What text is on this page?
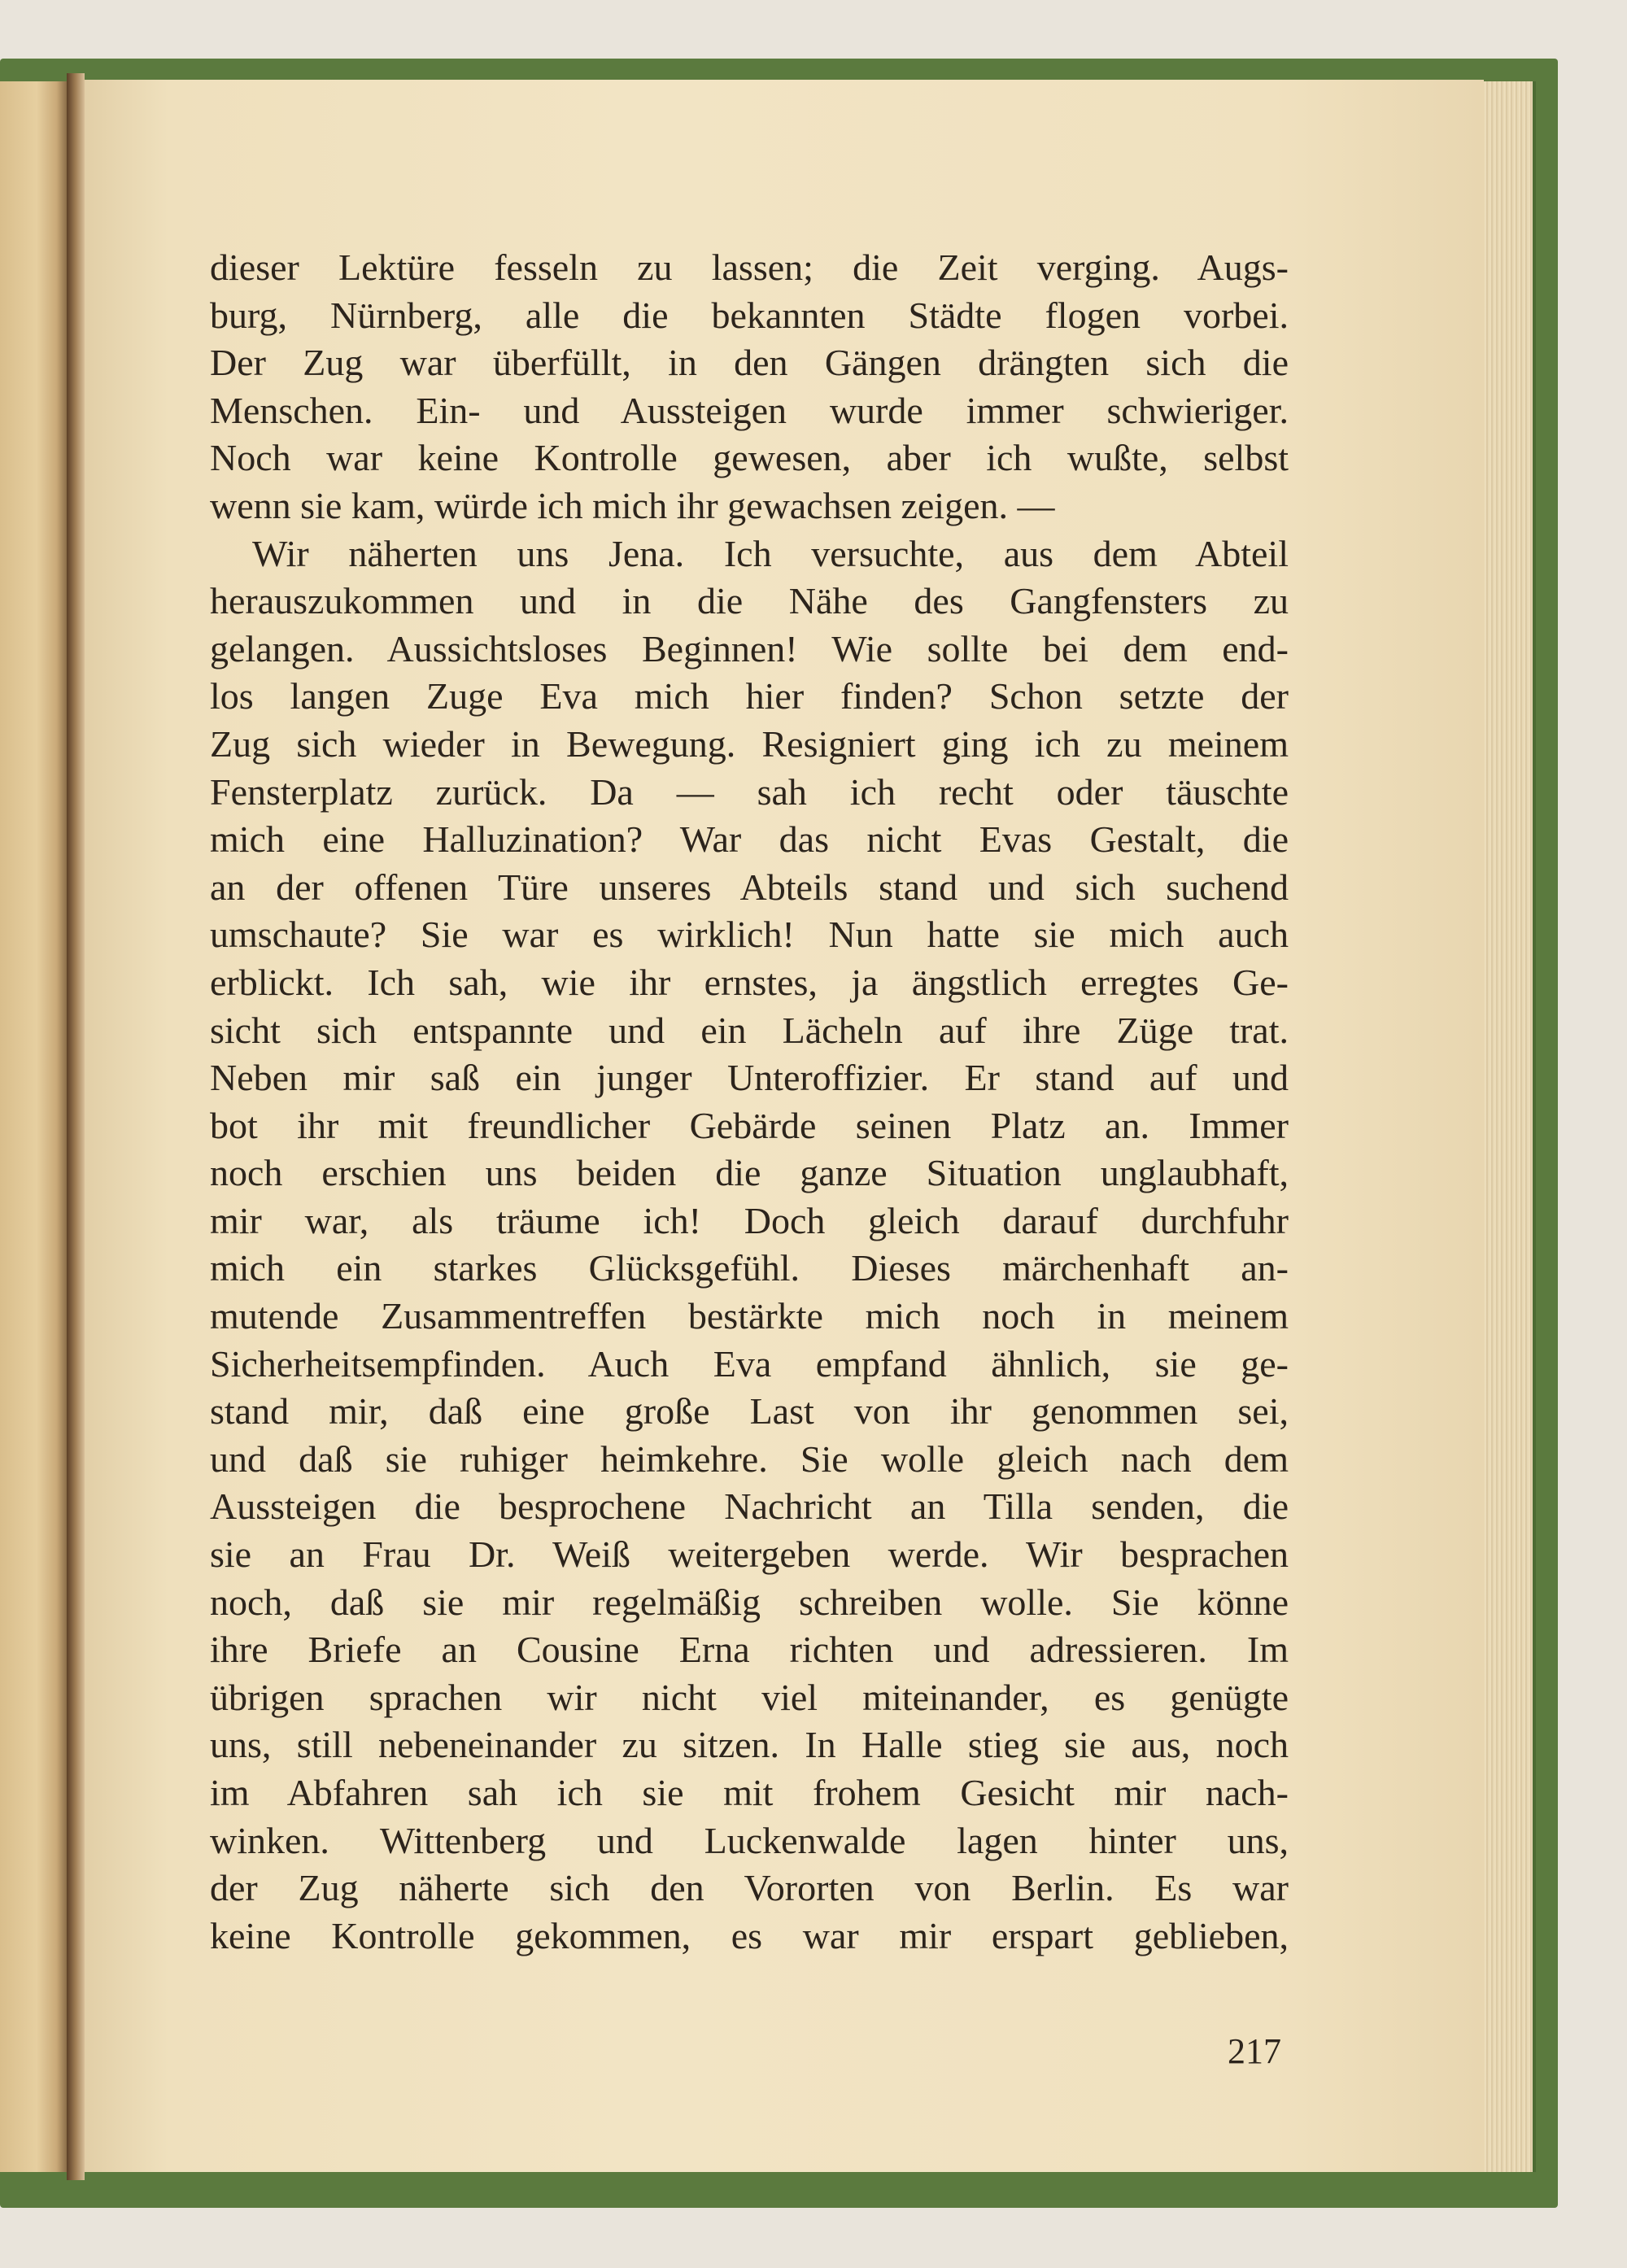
dieser Lektüre fesseln zu lassen; die Zeit verging. Augs-
burg, Nürnberg, alle die bekannten Städte flogen vorbei.
Der Zug war überfüllt, in den Gängen drängten sich die
Menschen. Ein- und Aussteigen wurde immer schwieriger.
Noch war keine Kontrolle gewesen, aber ich wußte, selbst
wenn sie kam, würde ich mich ihr gewachsen zeigen. —
Wir näherten uns Jena. Ich versuchte, aus dem Abteil
herauszukommen und in die Nähe des Gangfensters zu
gelangen. Aussichtsloses Beginnen! Wie sollte bei dem end-
los langen Zuge Eva mich hier finden? Schon setzte der
Zug sich wieder in Bewegung. Resigniert ging ich zu meinem
Fensterplatz zurück. Da — sah ich recht oder täuschte
mich eine Halluzination? War das nicht Evas Gestalt, die
an der offenen Türe unseres Abteils stand und sich suchend
umschaute? Sie war es wirklich! Nun hatte sie mich auch
erblickt. Ich sah, wie ihr ernstes, ja ängstlich erregtes Ge-
sicht sich entspannte und ein Lächeln auf ihre Züge trat.
Neben mir saß ein junger Unteroffizier. Er stand auf und
bot ihr mit freundlicher Gebärde seinen Platz an. Immer
noch erschien uns beiden die ganze Situation unglaubhaft,
mir war, als träume ich! Doch gleich darauf durchfuhr
mich ein starkes Glücksgefühl. Dieses märchenhaft an-
mutende Zusammentreffen bestärkte mich noch in meinem
Sicherheitsempfinden. Auch Eva empfand ähnlich, sie ge-
stand mir, daß eine große Last von ihr genommen sei,
und daß sie ruhiger heimkehre. Sie wolle gleich nach dem
Aussteigen die besprochene Nachricht an Tilla senden, die
sie an Frau Dr. Weiß weitergeben werde. Wir besprachen
noch, daß sie mir regelmäßig schreiben wolle. Sie könne
ihre Briefe an Cousine Erna richten und adressieren. Im
übrigen sprachen wir nicht viel miteinander, es genügte
uns, still nebeneinander zu sitzen. In Halle stieg sie aus, noch
im Abfahren sah ich sie mit frohem Gesicht mir nach-
winken. Wittenberg und Luckenwalde lagen hinter uns,
der Zug näherte sich den Vororten von Berlin. Es war
keine Kontrolle gekommen, es war mir erspart geblieben,
217
